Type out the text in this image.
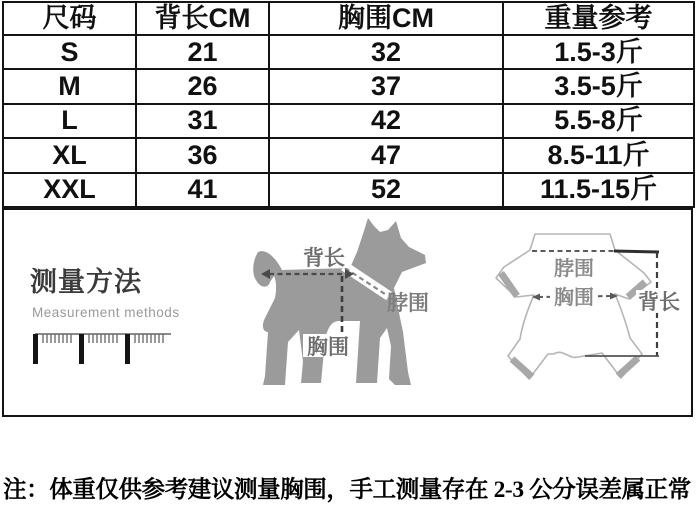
尺码	背长CM	胸围CM	重量参考
S	21	32	1.5-3斤
M	26	37	3.5-5斤
L	31	42	5.5-8斤
XL	36	47	8.5-11斤
XXL	41	52	11.5-15斤
测量方法
Measurement methods
背长
脖围
胸围
脖围
胸围 背长
注：体重仅供参考建议测量胸围，手工测量存在 2-3 公分误差属正常
